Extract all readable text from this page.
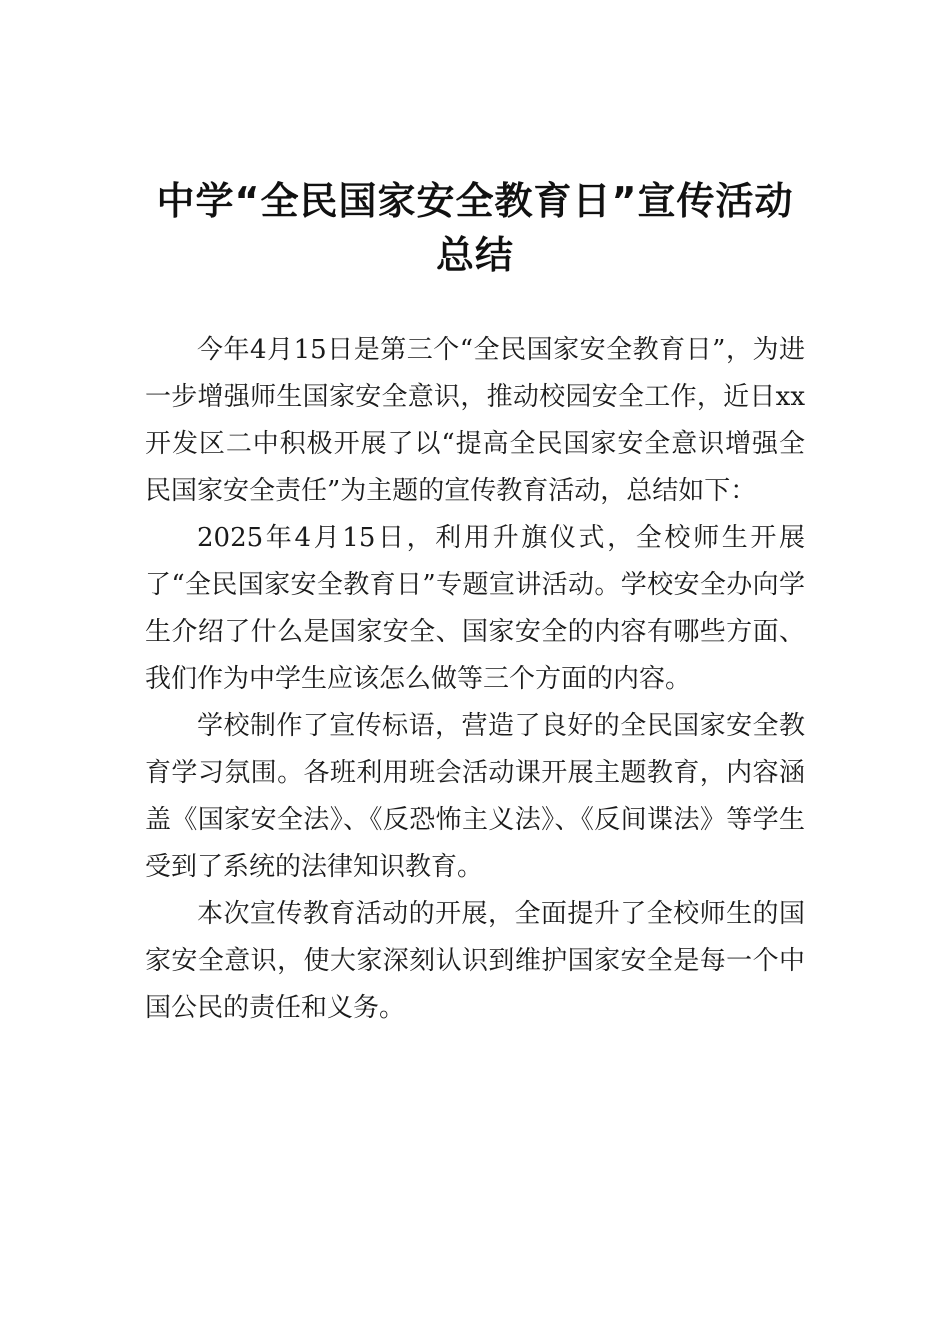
中学“全民国家安全教育日”宣传活动总结

今年4月15日是第三个“全民国家安全教育日”，为进一步增强师生国家安全意识，推动校园安全工作，近日xx开发区二中积极开展了以“提高全民国家安全意识增强全民国家安全责任”为主题的宣传教育活动，总结如下：

2025年4月15日，利用升旗仪式，全校师生开展了“全民国家安全教育日”专题宣讲活动。学校安全办向学生介绍了什么是国家安全、国家安全的内容有哪些方面、我们作为中学生应该怎么做等三个方面的内容。

学校制作了宣传标语，营造了良好的全民国家安全教育学习氛围。各班利用班会活动课开展主题教育，内容涵盖《国家安全法》、《反恐怖主义法》、《反间谍法》等学生受到了系统的法律知识教育。

本次宣传教育活动的开展，全面提升了全校师生的国家安全意识，使大家深刻认识到维护国家安全是每一个中国公民的责任和义务。
